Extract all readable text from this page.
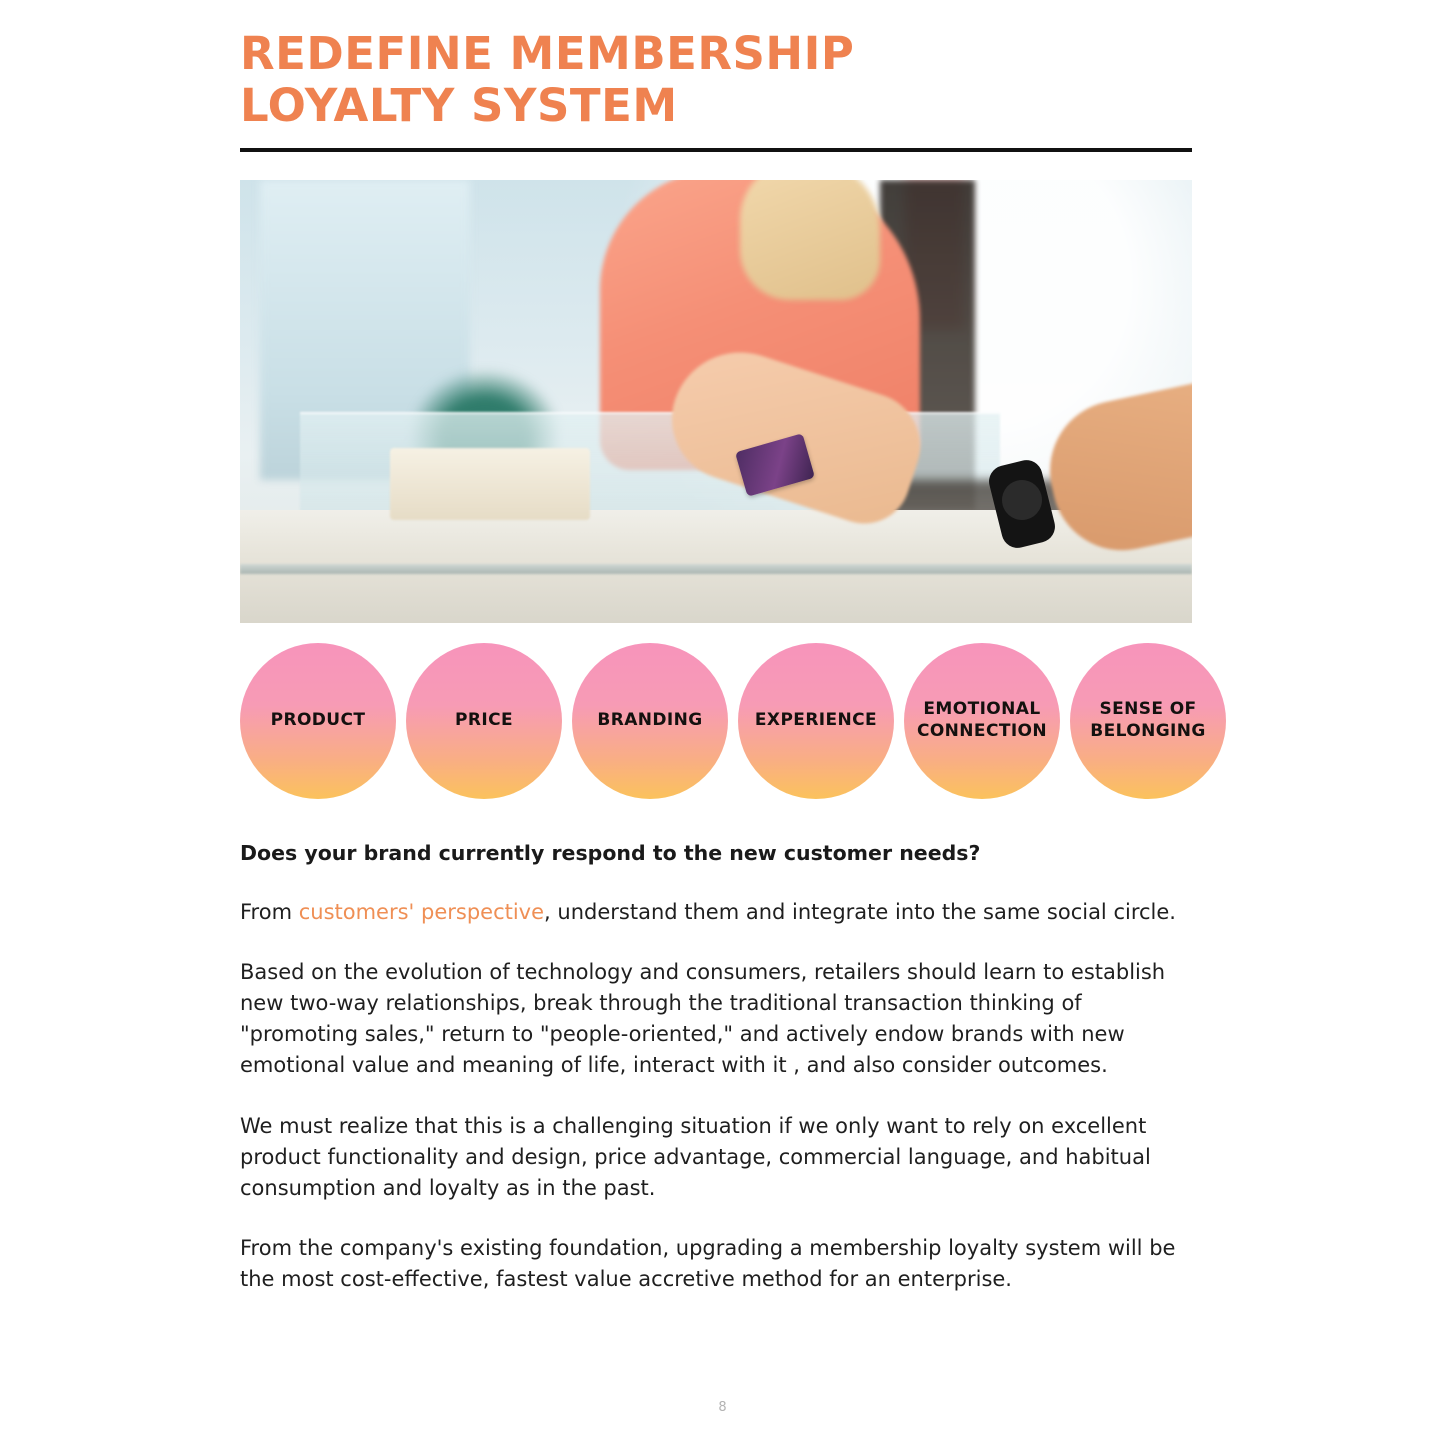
REDEFINE MEMBERSHIP
LOYALTY SYSTEM
PRODUCT	PRICE	BRANDING	EXPERIENCE
EMOTIONAL CONNECTION
SENSE OF BELONGING

Does your brand currently respond to the new customer needs?

From customers' perspective, understand them and integrate into the same social circle.

Based on the evolution of technology and consumers, retailers should learn to establish new two-way relationships, break through the traditional transaction thinking of "promoting sales," return to "people-oriented," and actively endow brands with new emotional value and meaning of life, interact with it , and also consider outcomes.

We must realize that this is a challenging situation if we only want to rely on excellent product functionality and design, price advantage, commercial language, and habitual consumption and loyalty as in the past.

From the company's existing foundation, upgrading a membership loyalty system will be the most cost-effective, fastest value accretive method for an enterprise.

8
